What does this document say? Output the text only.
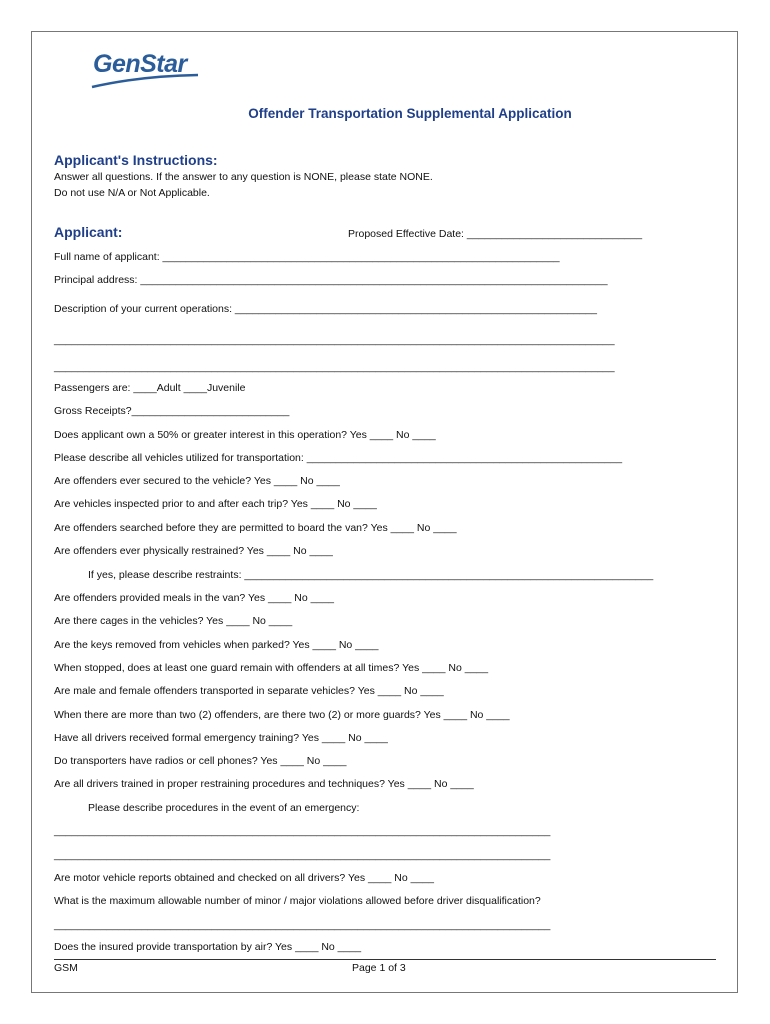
GenStar
Offender Transportation Supplemental Application
Applicant's Instructions:
Answer all questions. If the answer to any question is NONE, please state NONE.
Do not use N/A or Not Applicable.
Applicant:	Proposed Effective Date: ______________________________
Full name of applicant: ____________________________________________________________________
Principal address: ________________________________________________________________________________
Description of your current operations: ______________________________________________________________
________________________________________________________________________________________________
________________________________________________________________________________________________
Passengers are: ____Adult ____Juvenile
Gross Receipts?___________________________
Does applicant own a 50% or greater interest in this operation? Yes ____ No ____
Please describe all vehicles utilized for transportation: ______________________________________________________
Are offenders ever secured to the vehicle? Yes ____ No ____
Are vehicles inspected prior to and after each trip? Yes ____ No ____
Are offenders searched before they are permitted to board the van? Yes ____ No ____
Are offenders ever physically restrained? Yes ____ No ____
If yes, please describe restraints: ______________________________________________________________________
Are offenders provided meals in the van? Yes ____ No ____
Are there cages in the vehicles? Yes ____ No ____
Are the keys removed from vehicles when parked? Yes ____ No ____
When stopped, does at least one guard remain with offenders at all times? Yes ____ No ____
Are male and female offenders transported in separate vehicles? Yes ____ No ____
When there are more than two (2) offenders, are there two (2) or more guards? Yes ____ No ____
Have all drivers received formal emergency training? Yes ____ No ____
Do transporters have radios or cell phones? Yes ____ No ____
Are all drivers trained in proper restraining procedures and techniques? Yes ____ No ____
Please describe procedures in the event of an emergency:
_____________________________________________________________________________________
_____________________________________________________________________________________
Are motor vehicle reports obtained and checked on all drivers? Yes ____ No ____
What is the maximum allowable number of minor / major violations allowed before driver disqualification?
_____________________________________________________________________________________
Does the insured provide transportation by air? Yes ____ No ____
GSM	Page 1 of 3
